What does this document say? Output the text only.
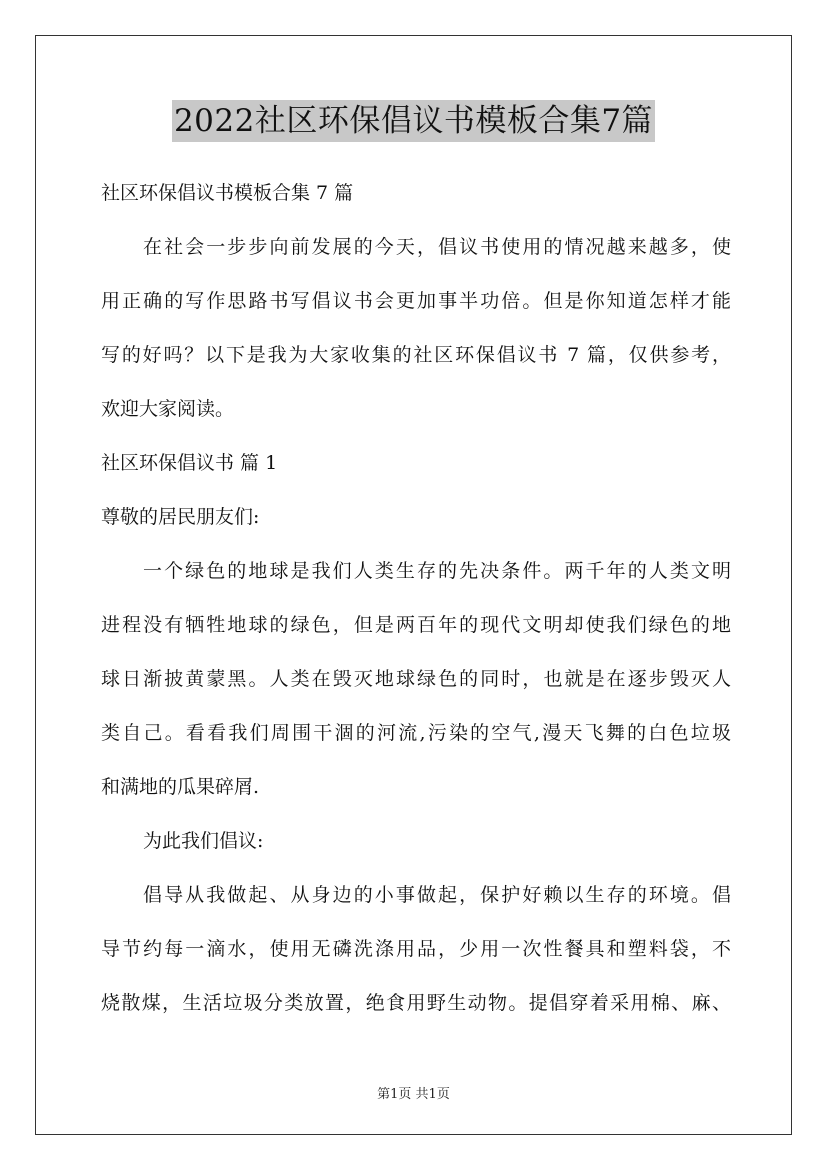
2022社区环保倡议书模板合集7篇
社区环保倡议书模板合集 7 篇
在社会一步步向前发展的今天，倡议书使用的情况越来越多，使
用正确的写作思路书写倡议书会更加事半功倍。但是你知道怎样才能
写的好吗？以下是我为大家收集的社区环保倡议书 7 篇，仅供参考，
欢迎大家阅读。
社区环保倡议书 篇 1
尊敬的居民朋友们:
一个绿色的地球是我们人类生存的先决条件。两千年的人类文明
进程没有牺牲地球的绿色，但是两百年的现代文明却使我们绿色的地
球日渐披黄蒙黑。人类在毁灭地球绿色的同时，也就是在逐步毁灭人
类自己。看看我们周围干涸的河流,污染的空气,漫天飞舞的白色垃圾
和满地的瓜果碎屑.
为此我们倡议:
倡导从我做起、从身边的小事做起，保护好赖以生存的环境。倡
导节约每一滴水，使用无磷洗涤用品，少用一次性餐具和塑料袋，不
烧散煤，生活垃圾分类放置，绝食用野生动物。提倡穿着采用棉、麻、
第1页 共1页
